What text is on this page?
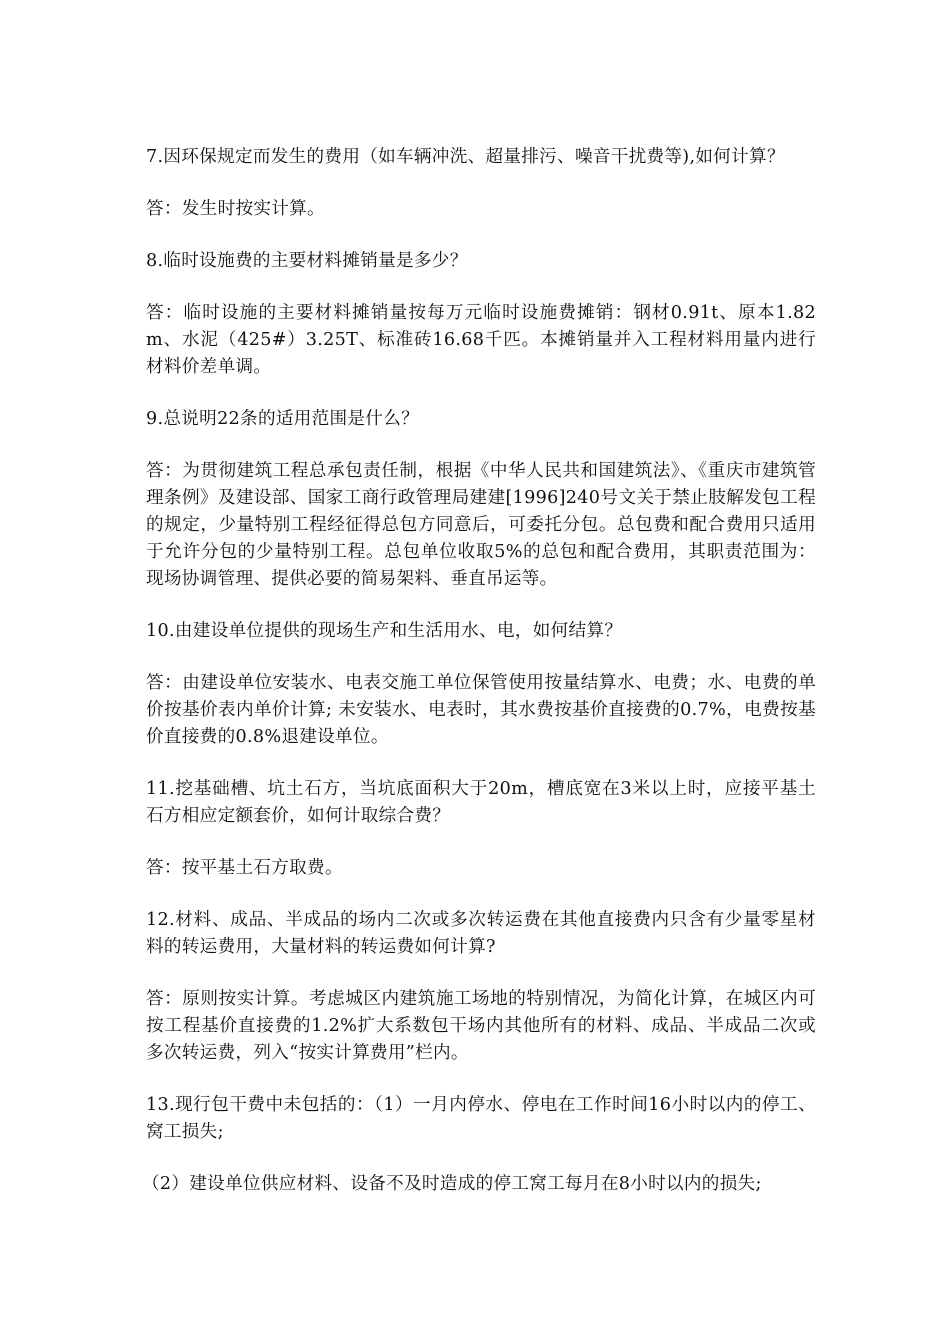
7.因环保规定而发生的费用（如车辆冲洗、超量排污、噪音干扰费等),如何计算？

答：发生时按实计算。

8.临时设施费的主要材料摊销量是多少？

答：临时设施的主要材料摊销量按每万元临时设施费摊销：钢材0.91t、原本1.82m、水泥（425#）3.25T、标准砖16.68千匹。本摊销量并入工程材料用量内进行材料价差单调。

9.总说明22条的适用范围是什么？

答：为贯彻建筑工程总承包责任制，根据《中华人民共和国建筑法》、《重庆市建筑管理条例》及建设部、国家工商行政管理局建建[1996]240号文关于禁止肢解发包工程的规定，少量特别工程经征得总包方同意后，可委托分包。总包费和配合费用只适用于允许分包的少量特别工程。总包单位收取5%的总包和配合费用，其职责范围为：现场协调管理、提供必要的简易架料、垂直吊运等。

10.由建设单位提供的现场生产和生活用水、电，如何结算？

答：由建设单位安装水、电表交施工单位保管使用按量结算水、电费；水、电费的单价按基价表内单价计算; 未安装水、电表时，其水费按基价直接费的0.7%，电费按基价直接费的0.8%退建设单位。

11.挖基础槽、坑土石方，当坑底面积大于20m，槽底宽在3米以上时，应接平基土石方相应定额套价，如何计取综合费？

答：按平基土石方取费。

12.材料、成品、半成品的场内二次或多次转运费在其他直接费内只含有少量零星材料的转运费用，大量材料的转运费如何计算?

答：原则按实计算。考虑城区内建筑施工场地的特别情况，为简化计算，在城区内可按工程基价直接费的1.2%扩大系数包干场内其他所有的材料、成品、半成品二次或多次转运费，列入“按实计算费用”栏内。

13.现行包干费中未包括的：（1）一月内停水、停电在工作时间16小时以内的停工、窝工损失;

（2）建设单位供应材料、设备不及时造成的停工窝工每月在8小时以内的损失;
